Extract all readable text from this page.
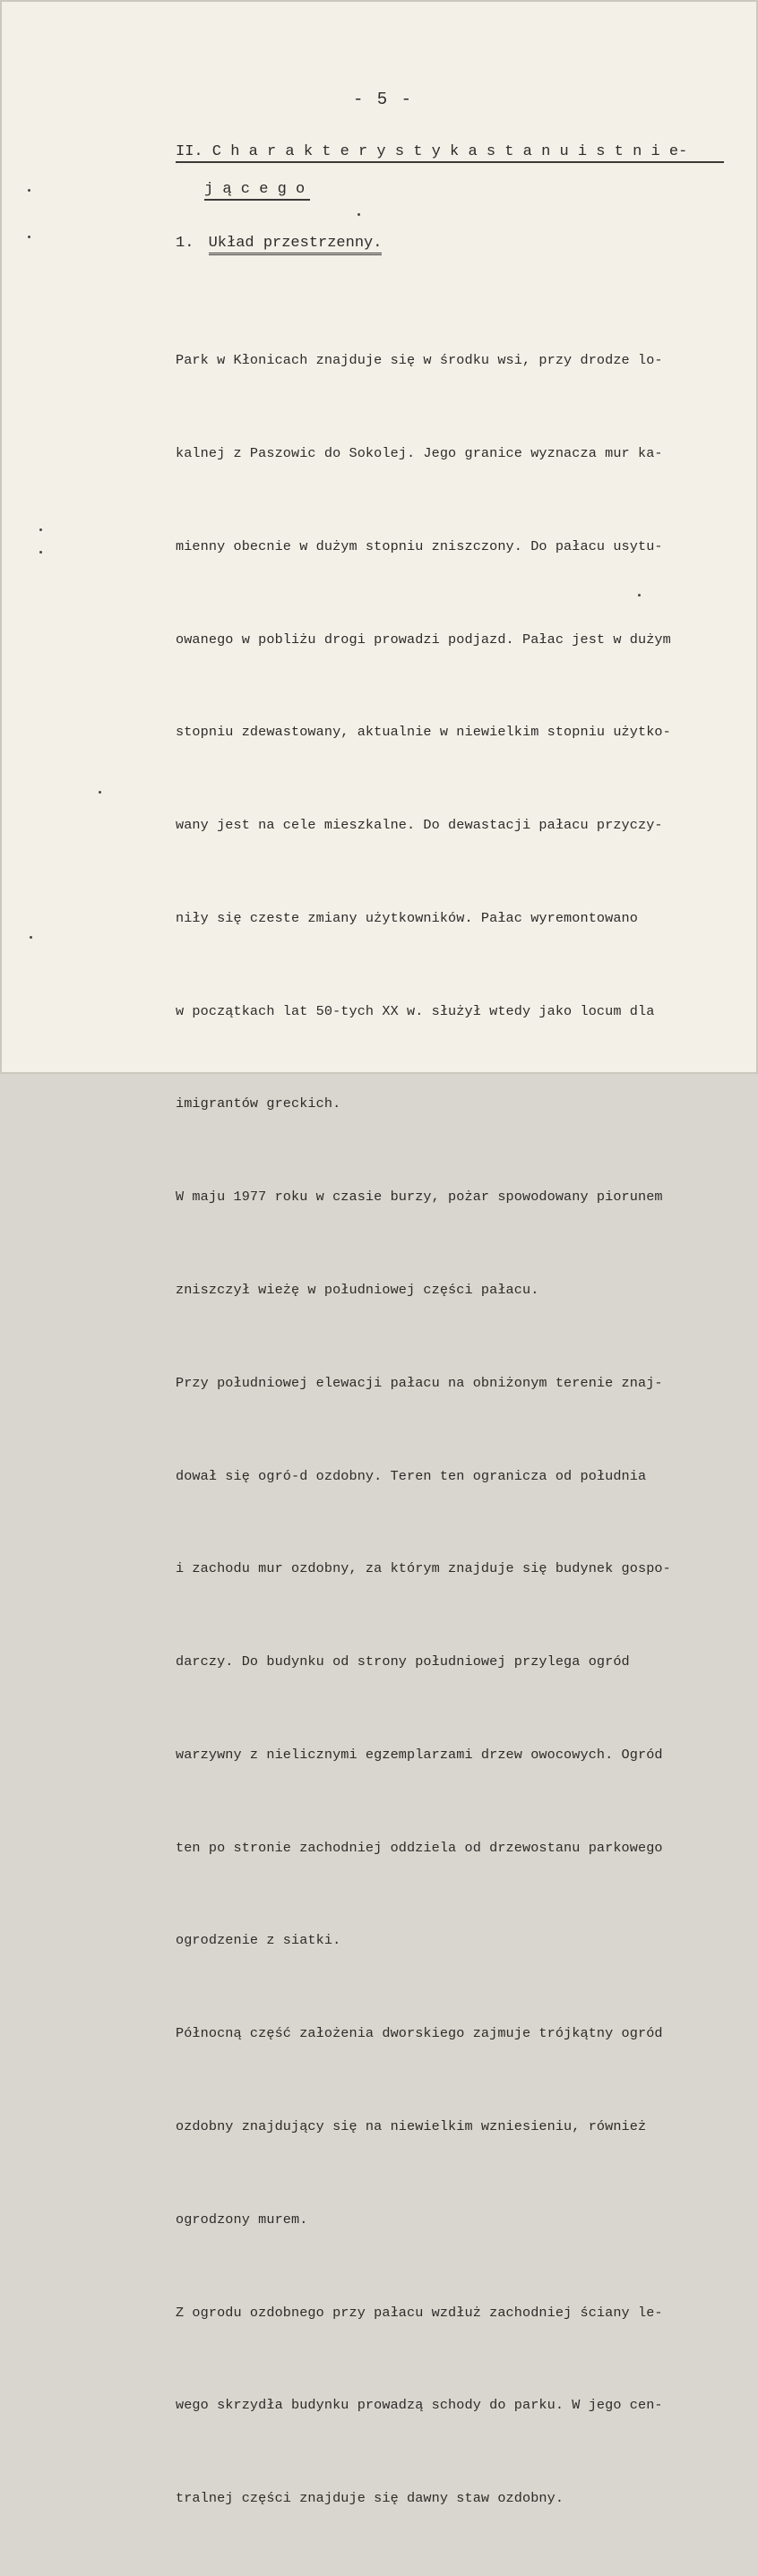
- 5 -
II. C h a r a k t e r y s t y k a s t a n u i s t n i e-
j ą c e g o
1. Układ przestrzenny.

Park w Kłonicach znajduje się w środku wsi, przy drodze lo-

kalnej z Paszowic do Sokolej. Jego granice wyznacza mur ka-

mienny obecnie w dużym stopniu zniszczony. Do pałacu usytu-

owanego w pobliżu drogi prowadzi podjazd. Pałac jest w dużym

stopniu zdewastowany, aktualnie w niewielkim stopniu użytko-

wany jest na cele mieszkalne. Do dewastacji pałacu przyczy-

niły się czeste zmiany użytkowników. Pałac wyremontowano

w początkach lat 50-tych XX w. służył wtedy jako locum dla

imigrantów greckich.

W maju 1977 roku w czasie burzy, pożar spowodowany piorunem

zniszczył wieżę w południowej części pałacu.

Przy południowej elewacji pałacu na obniżonym terenie znaj-

dował się ogró-d ozdobny. Teren ten ogranicza od południa

i zachodu mur ozdobny, za którym znajduje się budynek gospo-

darczy. Do budynku od strony południowej przylega ogród

warzywny z nielicznymi egzemplarzami drzew owocowych. Ogród

ten po stronie zachodniej oddziela od drzewostanu parkowego

ogrodzenie z siatki.

Północną część założenia dworskiego zajmuje trójkątny ogród

ozdobny znajdujący się na niewielkim wzniesieniu, również

ogrodzony murem.

Z ogrodu ozdobnego przy pałacu wzdłuż zachodniej ściany le-

wego skrzydła budynku prowadzą schody do parku. W jego cen-

tralnej części znajduje się dawny staw ozdobny.
